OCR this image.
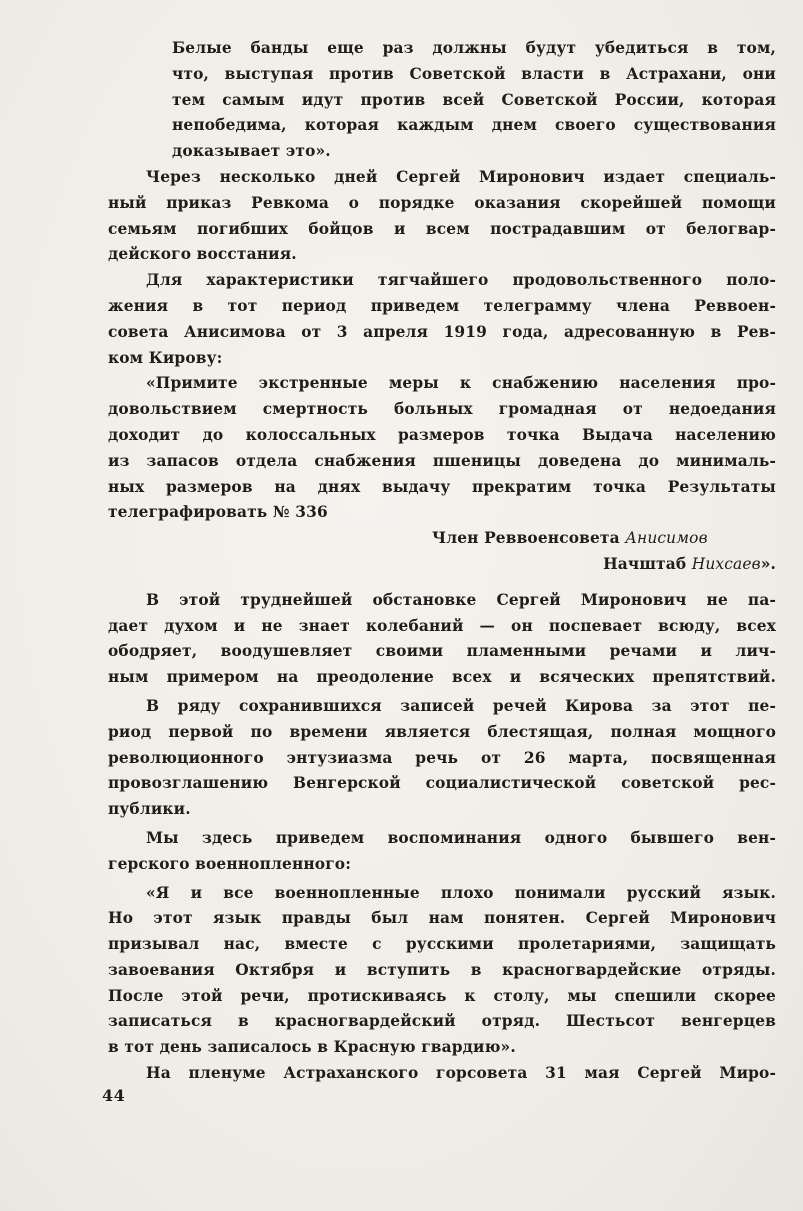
Белые банды еще раз должны будут убедиться в том,
что, выступая против Советской власти в Астрахани, они
тем самым идут против всей Советской России, которая
непобедима, которая каждым днем своего существования
доказывает это».
Через несколько дней Сергей Миронович издает специаль-
ный приказ Ревкома о порядке оказания скорейшей помощи
семьям погибших бойцов и всем пострадавшим от белогвар-
дейского восстания.
Для характеристики тягчайшего продовольственного поло-
жения в тот период приведем телеграмму члена Реввоен-
совета Анисимова от 3 апреля 1919 года, адресованную в Рев-
ком Кирову:
«Примите экстренные меры к снабжению населения про-
довольствием смертность больных громадная от недоедания
доходит до колоссальных размеров точка Выдача населению
из запасов отдела снабжения пшеницы доведена до минималь-
ных размеров на днях выдачу прекратим точка Результаты
телеграфировать № 336
Член Реввоенсовета Анисимов
Начштаб Нихсаев».
В этой труднейшей обстановке Сергей Миронович не па-
дает духом и не знает колебаний — он поспевает всюду, всех
ободряет, воодушевляет своими пламенными речами и лич-
ным примером на преодоление всех и всяческих препятствий.
В ряду сохранившихся записей речей Кирова за этот пе-
риод первой по времени является блестящая, полная мощного
революционного энтузиазма речь от 26 марта, посвященная
провозглашению Венгерской социалистической советской рес-
публики.
Мы здесь приведем воспоминания одного бывшего вен-
герского военнопленного:
«Я и все военнопленные плохо понимали русский язык.
Но этот язык правды был нам понятен. Сергей Миронович
призывал нас, вместе с русскими пролетариями, защищать
завоевания Октября и вступить в красногвардейские отряды.
После этой речи, протискиваясь к столу, мы спешили скорее
записаться в красногвардейский отряд. Шестьсот венгерцев
в тот день записалось в Красную гвардию».
На пленуме Астраханского горсовета 31 мая Сергей Миро-
44
